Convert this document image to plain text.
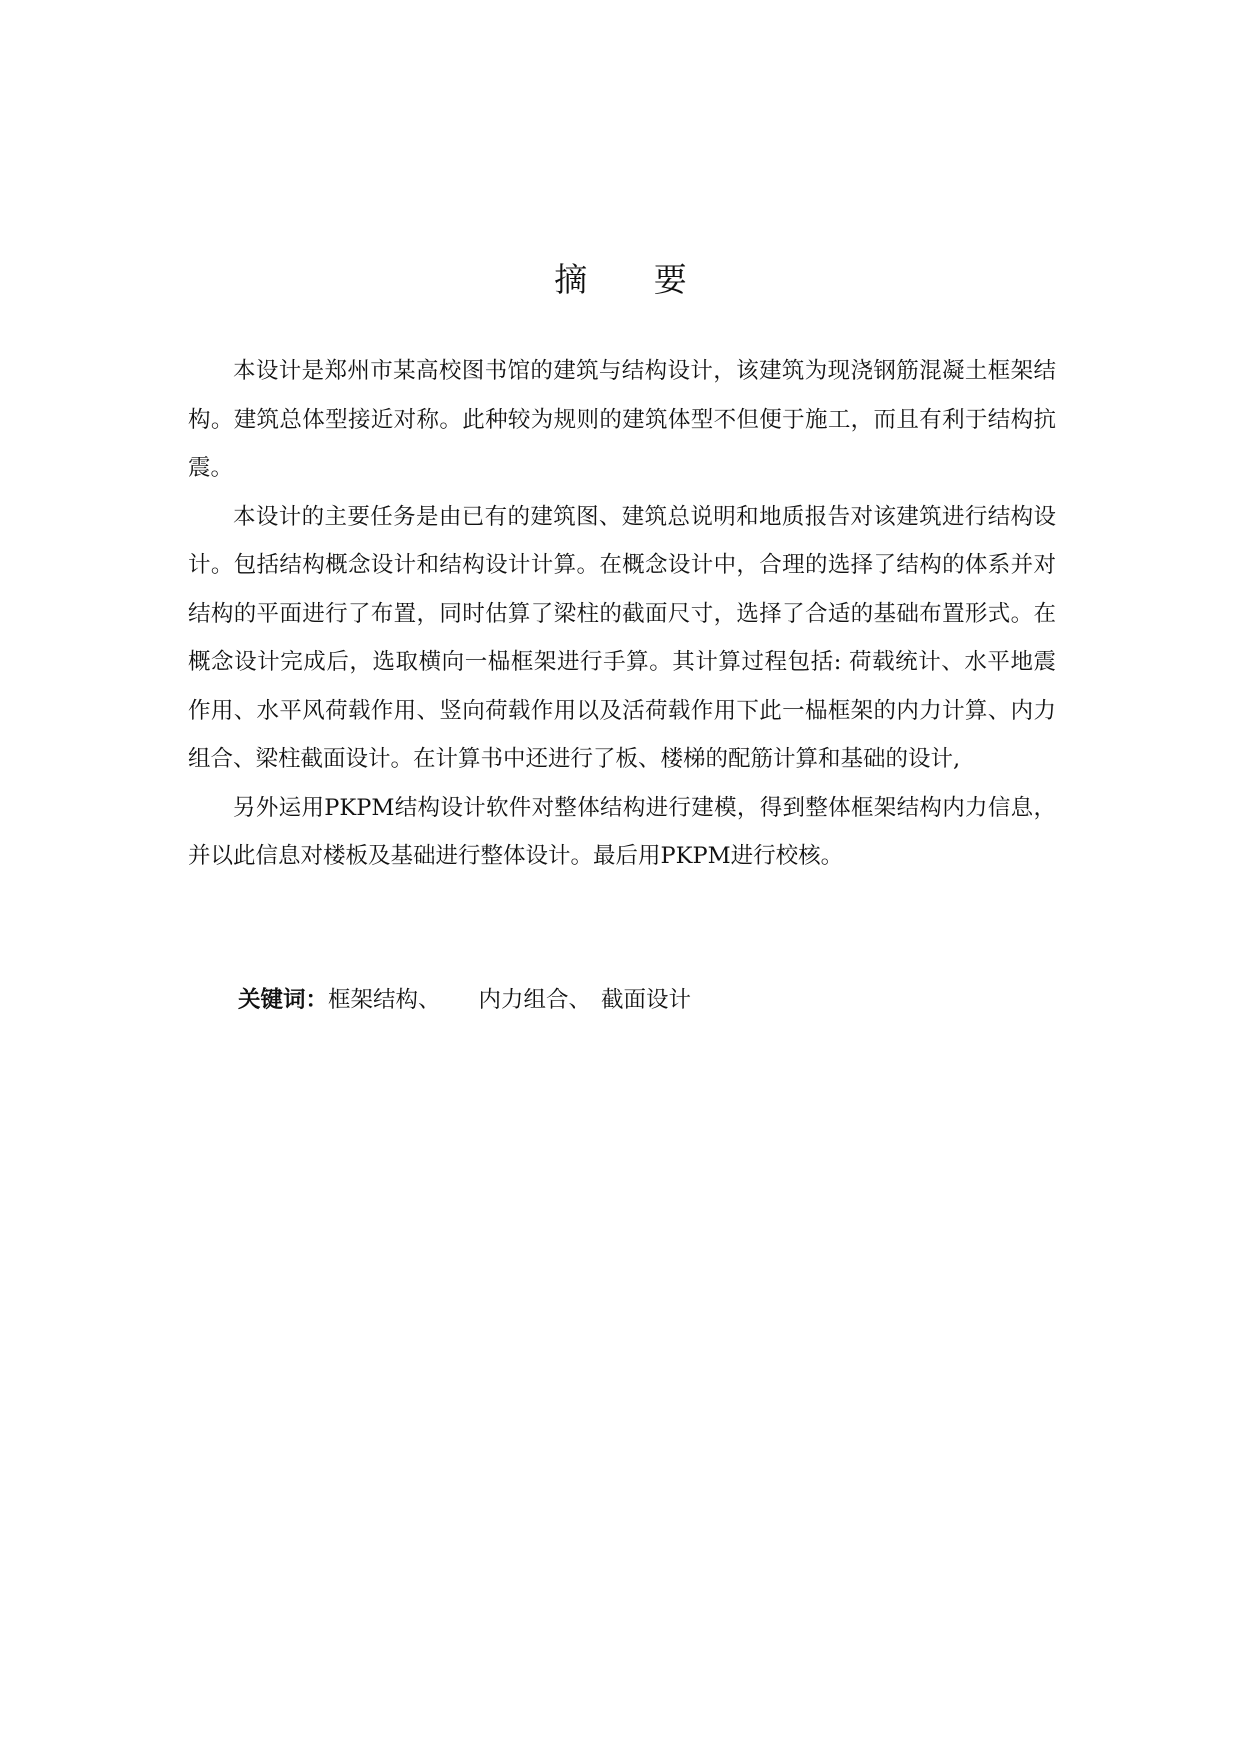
摘 要

本设计是郑州市某高校图书馆的建筑与结构设计，该建筑为现浇钢筋混凝土框架结构。建筑总体型接近对称。此种较为规则的建筑体型不但便于施工，而且有利于结构抗震。

本设计的主要任务是由已有的建筑图、建筑总说明和地质报告对该建筑进行结构设计。包括结构概念设计和结构设计计算。在概念设计中，合理的选择了结构的体系并对结构的平面进行了布置，同时估算了梁柱的截面尺寸，选择了合适的基础布置形式。在概念设计完成后，选取横向一榀框架进行手算。其计算过程包括: 荷载统计、水平地震作用、水平风荷载作用、竖向荷载作用以及活荷载作用下此一榀框架的内力计算、内力组合、梁柱截面设计。在计算书中还进行了板、楼梯的配筋计算和基础的设计,

另外运用PKPM结构设计软件对整体结构进行建模，得到整体框架结构内力信息，并以此信息对楼板及基础进行整体设计。最后用PKPM进行校核。

关键词：框架结构、 内力组合、 截面设计
